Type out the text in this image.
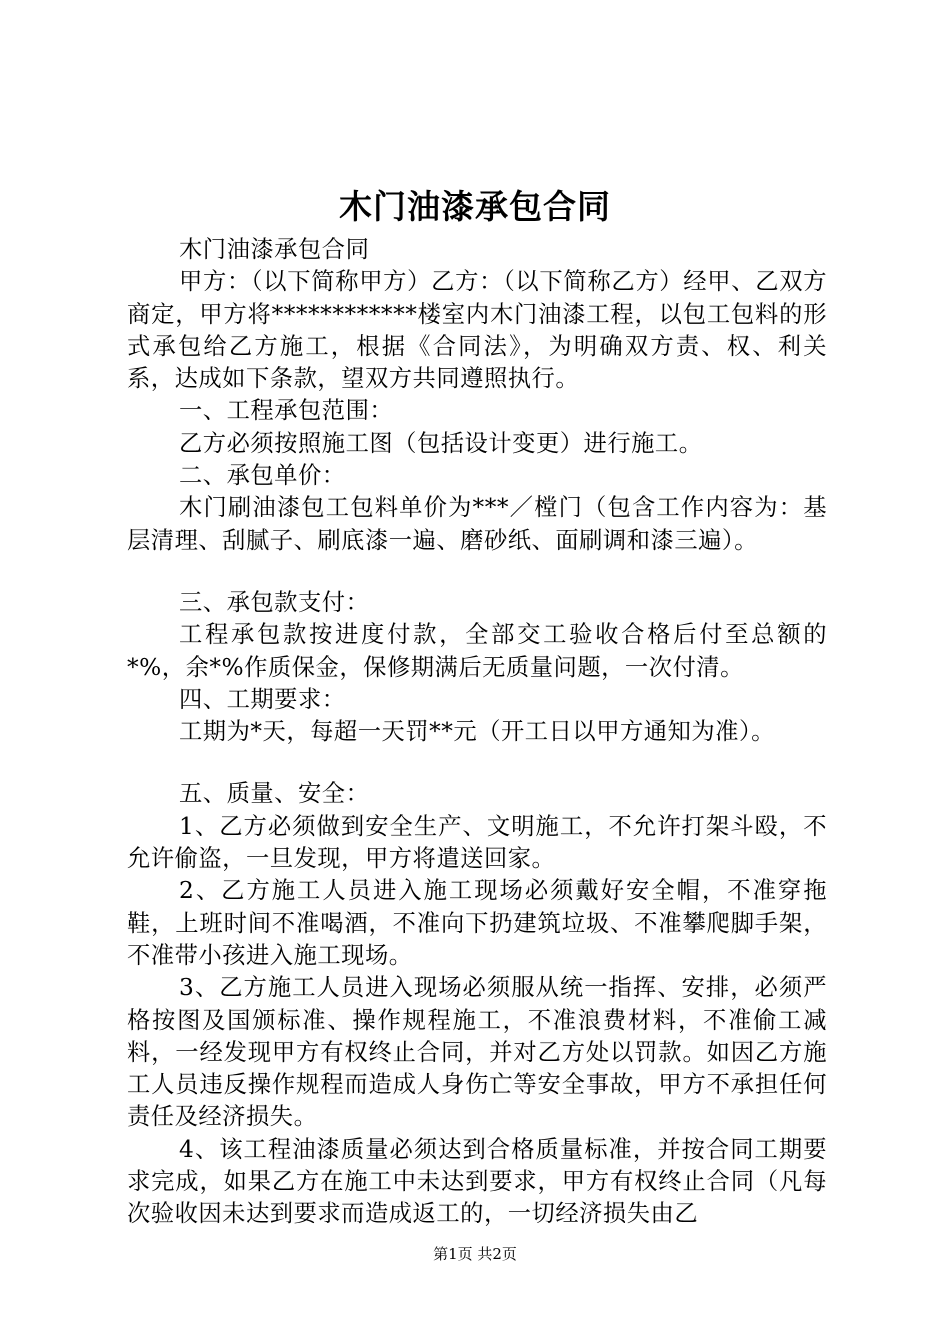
木门油漆承包合同

木门油漆承包合同

甲方：（以下简称甲方）乙方：（以下简称乙方）经甲、乙双方商定，甲方将************楼室内木门油漆工程，以包工包料的形式承包给乙方施工，根据《合同法》，为明确双方责、权、利关系，达成如下条款，望双方共同遵照执行。

一、工程承包范围：

乙方必须按照施工图（包括设计变更）进行施工。

二、承包单价：

木门刷油漆包工包料单价为***／樘门（包含工作内容为：基层清理、刮腻子、刷底漆一遍、磨砂纸、面刷调和漆三遍）。

三、承包款支付：

工程承包款按进度付款，全部交工验收合格后付至总额的*%，余*%作质保金，保修期满后无质量问题，一次付清。

四、工期要求：

工期为*天，每超一天罚**元（开工日以甲方通知为准）。

五、质量、安全：

1、乙方必须做到安全生产、文明施工，不允许打架斗殴，不允许偷盗，一旦发现，甲方将遣送回家。

2、乙方施工人员进入施工现场必须戴好安全帽，不准穿拖鞋，上班时间不准喝酒，不准向下扔建筑垃圾、不准攀爬脚手架，不准带小孩进入施工现场。

3、乙方施工人员进入现场必须服从统一指挥、安排，必须严格按图及国颁标准、操作规程施工，不准浪费材料，不准偷工减料，一经发现甲方有权终止合同，并对乙方处以罚款。如因乙方施工人员违反操作规程而造成人身伤亡等安全事故，甲方不承担任何责任及经济损失。

4、该工程油漆质量必须达到合格质量标准，并按合同工期要求完成，如果乙方在施工中未达到要求，甲方有权终止合同（凡每次验收因未达到要求而造成返工的，一切经济损失由乙

第1页 共2页
